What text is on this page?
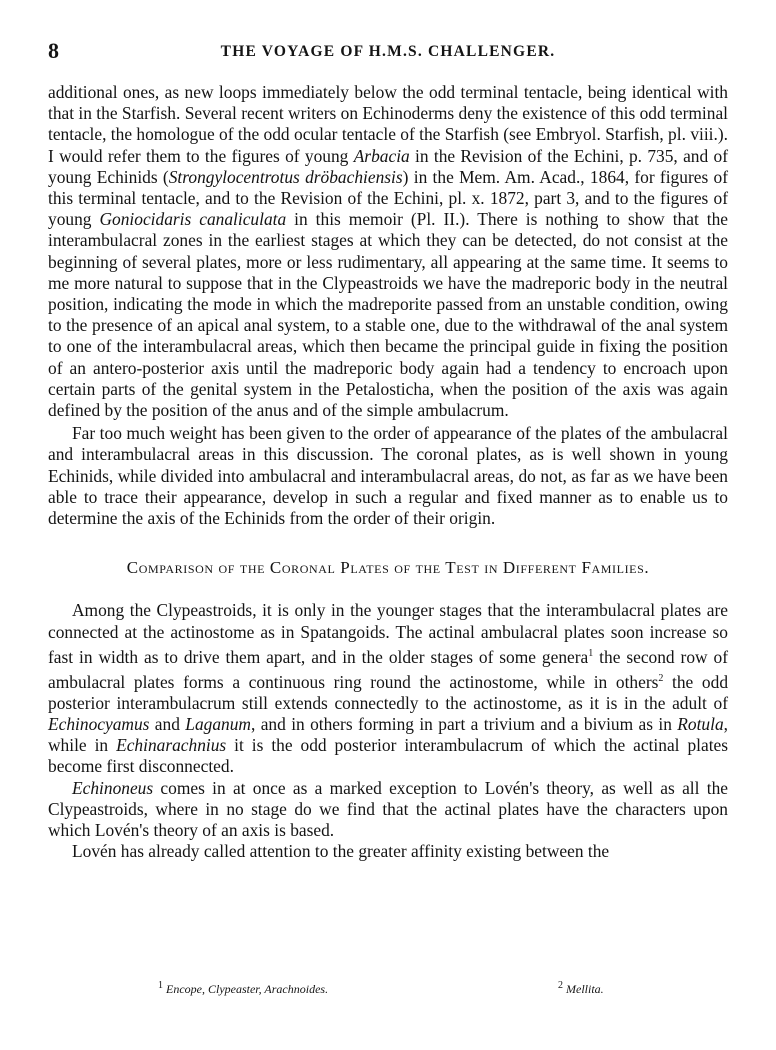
8	THE VOYAGE OF H.M.S. CHALLENGER.

additional ones, as new loops immediately below the odd terminal tentacle, being identical with that in the Starfish. Several recent writers on Echinoderms deny the existence of this odd terminal tentacle, the homologue of the odd ocular tentacle of the Starfish (see Embryol. Starfish, pl. viii.). I would refer them to the figures of young Arbacia in the Revision of the Echini, p. 735, and of young Echinids (Strongylocentrotus dröbachiensis) in the Mem. Am. Acad., 1864, for figures of this terminal tentacle, and to the Revision of the Echini, pl. x. 1872, part 3, and to the figures of young Goniocidaris canaliculata in this memoir (Pl. II.). There is nothing to show that the interambulacral zones in the earliest stages at which they can be detected, do not consist at the beginning of several plates, more or less rudimentary, all appearing at the same time. It seems to me more natural to suppose that in the Clypeastroids we have the madreporic body in the neutral position, indicating the mode in which the madreporite passed from an unstable condition, owing to the presence of an apical anal system, to a stable one, due to the withdrawal of the anal system to one of the interambulacral areas, which then became the principal guide in fixing the position of an antero-posterior axis until the madreporic body again had a tendency to encroach upon certain parts of the genital system in the Petalosticha, when the position of the axis was again defined by the position of the anus and of the simple ambulacrum.

Far too much weight has been given to the order of appearance of the plates of the ambulacral and interambulacral areas in this discussion. The coronal plates, as is well shown in young Echinids, while divided into ambulacral and interambulacral areas, do not, as far as we have been able to trace their appearance, develop in such a regular and fixed manner as to enable us to determine the axis of the Echinids from the order of their origin.

Comparison of the Coronal Plates of the Test in Different Families.

Among the Clypeastroids, it is only in the younger stages that the interambulacral plates are connected at the actinostome as in Spatangoids. The actinal ambulacral plates soon increase so fast in width as to drive them apart, and in the older stages of some genera$^1$ the second row of ambulacral plates forms a continuous ring round the actinostome, while in others$^2$ the odd posterior interambulacrum still extends connectedly to the actinostome, as it is in the adult of Echinocyamus and Laganum, and in others forming in part a trivium and a bivium as in Rotula, while in Echinarachnius it is the odd posterior interambulacrum of which the actinal plates become first disconnected.

Echinoneus comes in at once as a marked exception to Lovén's theory, as well as all the Clypeastroids, where in no stage do we find that the actinal plates have the characters upon which Lovén's theory of an axis is based.

Lovén has already called attention to the greater affinity existing between the

$^1$ Encope, Clypeaster, Arachnoides.	$^2$ Mellita.
